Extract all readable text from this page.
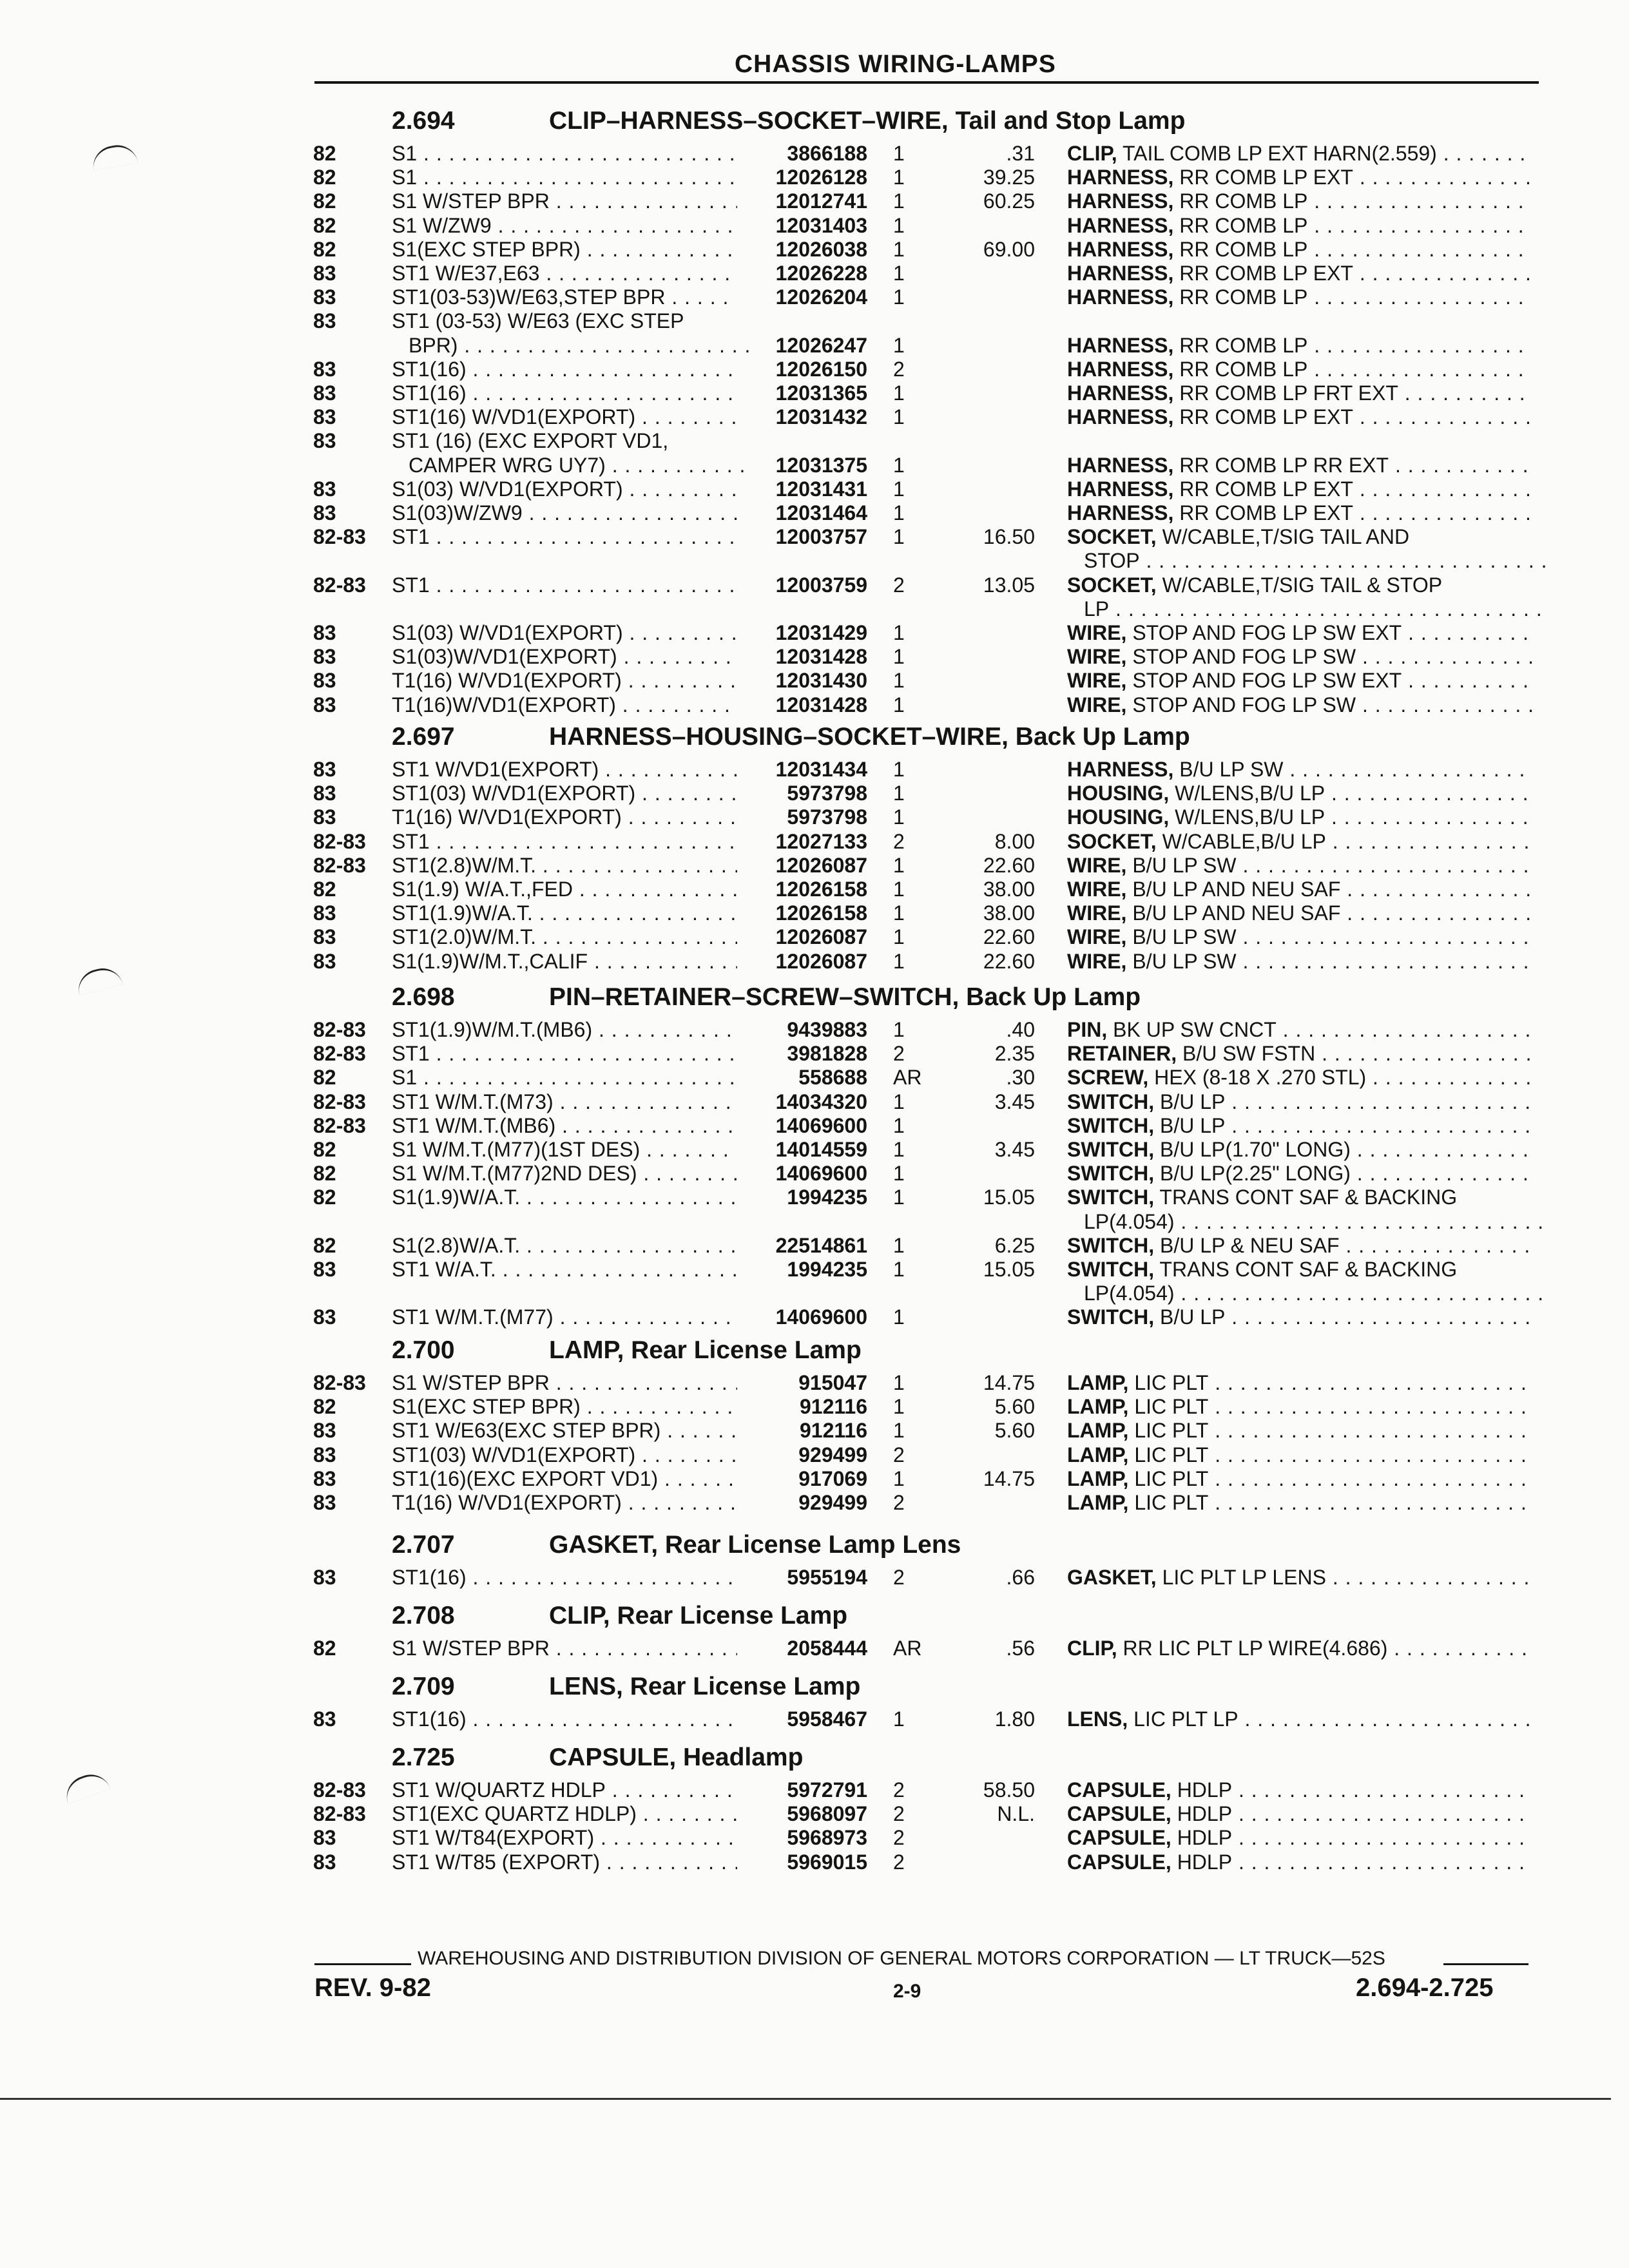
CHASSIS WIRING-LAMPS
2.694	CLIP–HARNESS–SOCKET–WIRE, Tail and Stop Lamp
82	S1 . . .	3866188 1	.31 CLIP, TAIL COMB LP EXT HARN(2.559) . . .
82	S1 . . .	12026128 1	39.25 HARNESS, RR COMB LP EXT . . .
82	S1 W/STEP BPR . . .	12012741 1	60.25 HARNESS, RR COMB LP . . .
82	S1 W/ZW9 . . .	12031403 1	HARNESS, RR COMB LP . . .
82	S1(EXC STEP BPR) . . .	12026038 1	69.00 HARNESS, RR COMB LP . . .
83	ST1 W/E37,E63 . . .	12026228 1	HARNESS, RR COMB LP EXT . . .
83	ST1(03-53)W/E63,STEP BPR . . .	12026204 1	HARNESS, RR COMB LP . . .
83	ST1 (03-53) W/E63 (EXC STEP
BPR) . . .	12026247 1	HARNESS, RR COMB LP . . .
83	ST1(16) . . .	12026150 2	HARNESS, RR COMB LP . . .
83	ST1(16) . . .	12031365 1	HARNESS, RR COMB LP FRT EXT . . .
83	ST1(16) W/VD1(EXPORT) . . .	12031432 1	HARNESS, RR COMB LP EXT . . .
83	ST1 (16) (EXC EXPORT VD1,
CAMPER WRG UY7) . . .	12031375 1	HARNESS, RR COMB LP RR EXT . . .
83	S1(03) W/VD1(EXPORT) . . .	12031431 1	HARNESS, RR COMB LP EXT . . .
83	S1(03)W/ZW9 . . .	12031464 1	HARNESS, RR COMB LP EXT . . .
82-83 ST1 . . .	12003757 1	16.50 SOCKET, W/CABLE,T/SIG TAIL AND
STOP . . .
82-83 ST1 . . .	12003759 2	13.05 SOCKET, W/CABLE,T/SIG TAIL & STOP
LP . . .
83	S1(03) W/VD1(EXPORT) . . .	12031429 1	WIRE, STOP AND FOG LP SW EXT . . .
83	S1(03)W/VD1(EXPORT) . . .	12031428 1	WIRE, STOP AND FOG LP SW . . .
83	T1(16) W/VD1(EXPORT) . . .	12031430 1	WIRE, STOP AND FOG LP SW EXT . . .
83	T1(16)W/VD1(EXPORT) . . .	12031428 1	WIRE, STOP AND FOG LP SW . . .
2.697	HARNESS–HOUSING–SOCKET–WIRE, Back Up Lamp
83	ST1 W/VD1(EXPORT) . . .	12031434 1	HARNESS, B/U LP SW . . .
83	ST1(03) W/VD1(EXPORT) . . .	5973798 1	HOUSING, W/LENS,B/U LP . . .
83	T1(16) W/VD1(EXPORT) . . .	5973798 1	HOUSING, W/LENS,B/U LP . . .
82-83 ST1 . . .	12027133 2	8.00 SOCKET, W/CABLE,B/U LP . . .
82-83 ST1(2.8)W/M.T. . . .	12026087 1	22.60 WIRE, B/U LP SW . . .
82	S1(1.9) W/A.T.,FED . . .	12026158 1	38.00 WIRE, B/U LP AND NEU SAF . . .
83	ST1(1.9)W/A.T. . . .	12026158 1	38.00 WIRE, B/U LP AND NEU SAF . . .
83	ST1(2.0)W/M.T. . . .	12026087 1	22.60 WIRE, B/U LP SW . . .
83	S1(1.9)W/M.T.,CALIF . . .	12026087 1	22.60 WIRE, B/U LP SW . . .
2.698	PIN–RETAINER–SCREW–SWITCH, Back Up Lamp
82-83 ST1(1.9)W/M.T.(MB6) . . .	9439883 1	.40 PIN, BK UP SW CNCT . . .
82-83 ST1 . . .	3981828 2	2.35 RETAINER, B/U SW FSTN . . .
82	S1 . . .	558688 AR	.30 SCREW, HEX (8-18 X .270 STL) . . .
82-83 ST1 W/M.T.(M73) . . .	14034320 1	3.45 SWITCH, B/U LP . . .
82-83 ST1 W/M.T.(MB6) . . .	14069600 1	SWITCH, B/U LP . . .
82	S1 W/M.T.(M77)(1ST DES) . . .	14014559 1	3.45 SWITCH, B/U LP(1.70" LONG) . . .
82	S1 W/M.T.(M77)2ND DES) . . .	14069600 1	SWITCH, B/U LP(2.25" LONG) . . .
82	S1(1.9)W/A.T. . . .	1994235 1	15.05 SWITCH, TRANS CONT SAF & BACKING
LP(4.054) . . .
82	S1(2.8)W/A.T. . . .	22514861 1	6.25 SWITCH, B/U LP & NEU SAF . . .
83	ST1 W/A.T. . . .	1994235 1	15.05 SWITCH, TRANS CONT SAF & BACKING
LP(4.054) . . .
83	ST1 W/M.T.(M77) . . .	14069600 1	SWITCH, B/U LP . . .
2.700	LAMP, Rear License Lamp
82-83 S1 W/STEP BPR . . .	915047 1	14.75 LAMP, LIC PLT . . .
82	S1(EXC STEP BPR) . . .	912116 1	5.60 LAMP, LIC PLT . . .
83	ST1 W/E63(EXC STEP BPR) . . .	912116 1	5.60 LAMP, LIC PLT . . .
83	ST1(03) W/VD1(EXPORT) . . .	929499 2	LAMP, LIC PLT . . .
83	ST1(16)(EXC EXPORT VD1) . . .	917069 1	14.75 LAMP, LIC PLT . . .
83	T1(16) W/VD1(EXPORT) . . .	929499 2	LAMP, LIC PLT . . .
2.707	GASKET, Rear License Lamp Lens
83	ST1(16) . . .	5955194 2	.66 GASKET, LIC PLT LP LENS . . .
2.708	CLIP, Rear License Lamp
82	S1 W/STEP BPR . . .	2058444 AR	.56 CLIP, RR LIC PLT LP WIRE(4.686) . . .
2.709	LENS, Rear License Lamp
83	ST1(16) . . .	5958467 1	1.80 LENS, LIC PLT LP . . .
2.725	CAPSULE, Headlamp
82-83 ST1 W/QUARTZ HDLP . . .	5972791 2	58.50 CAPSULE, HDLP . . .
82-83 ST1(EXC QUARTZ HDLP) . . .	5968097 2	N.L. CAPSULE, HDLP . . .
83	ST1 W/T84(EXPORT) . . .	5968973 2	CAPSULE, HDLP . . .
83	ST1 W/T85 (EXPORT) . . .	5969015 2	CAPSULE, HDLP . . .
WAREHOUSING AND DISTRIBUTION DIVISION OF GENERAL MOTORS CORPORATION — LT TRUCK—52S
REV. 9-82	2-9	2.694-2.725
